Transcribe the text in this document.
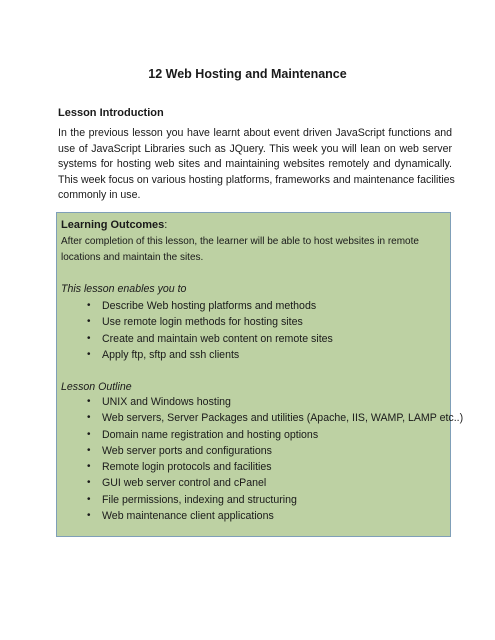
12 Web Hosting and Maintenance
Lesson Introduction
In the previous lesson you have learnt about event driven JavaScript functions and
use of JavaScript Libraries such as JQuery. This week you will lean on web server
systems for hosting web sites and maintaining websites remotely and dynamically.
This week focus on various hosting platforms, frameworks and maintenance facilities
commonly in use.
Learning Outcomes:
After completion of this lesson, the learner will be able to host websites in remote
locations and maintain the sites.
This lesson enables you to
• Describe Web hosting platforms and methods
• Use remote login methods for hosting sites
• Create and maintain web content on remote sites
• Apply ftp, sftp and ssh clients
Lesson Outline
• UNIX and Windows hosting
• Web servers, Server Packages and utilities (Apache, IIS, WAMP, LAMP etc..)
• Domain name registration and hosting options
• Web server ports and configurations
• Remote login protocols and facilities
• GUI web server control and cPanel
• File permissions, indexing and structuring
• Web maintenance client applications
